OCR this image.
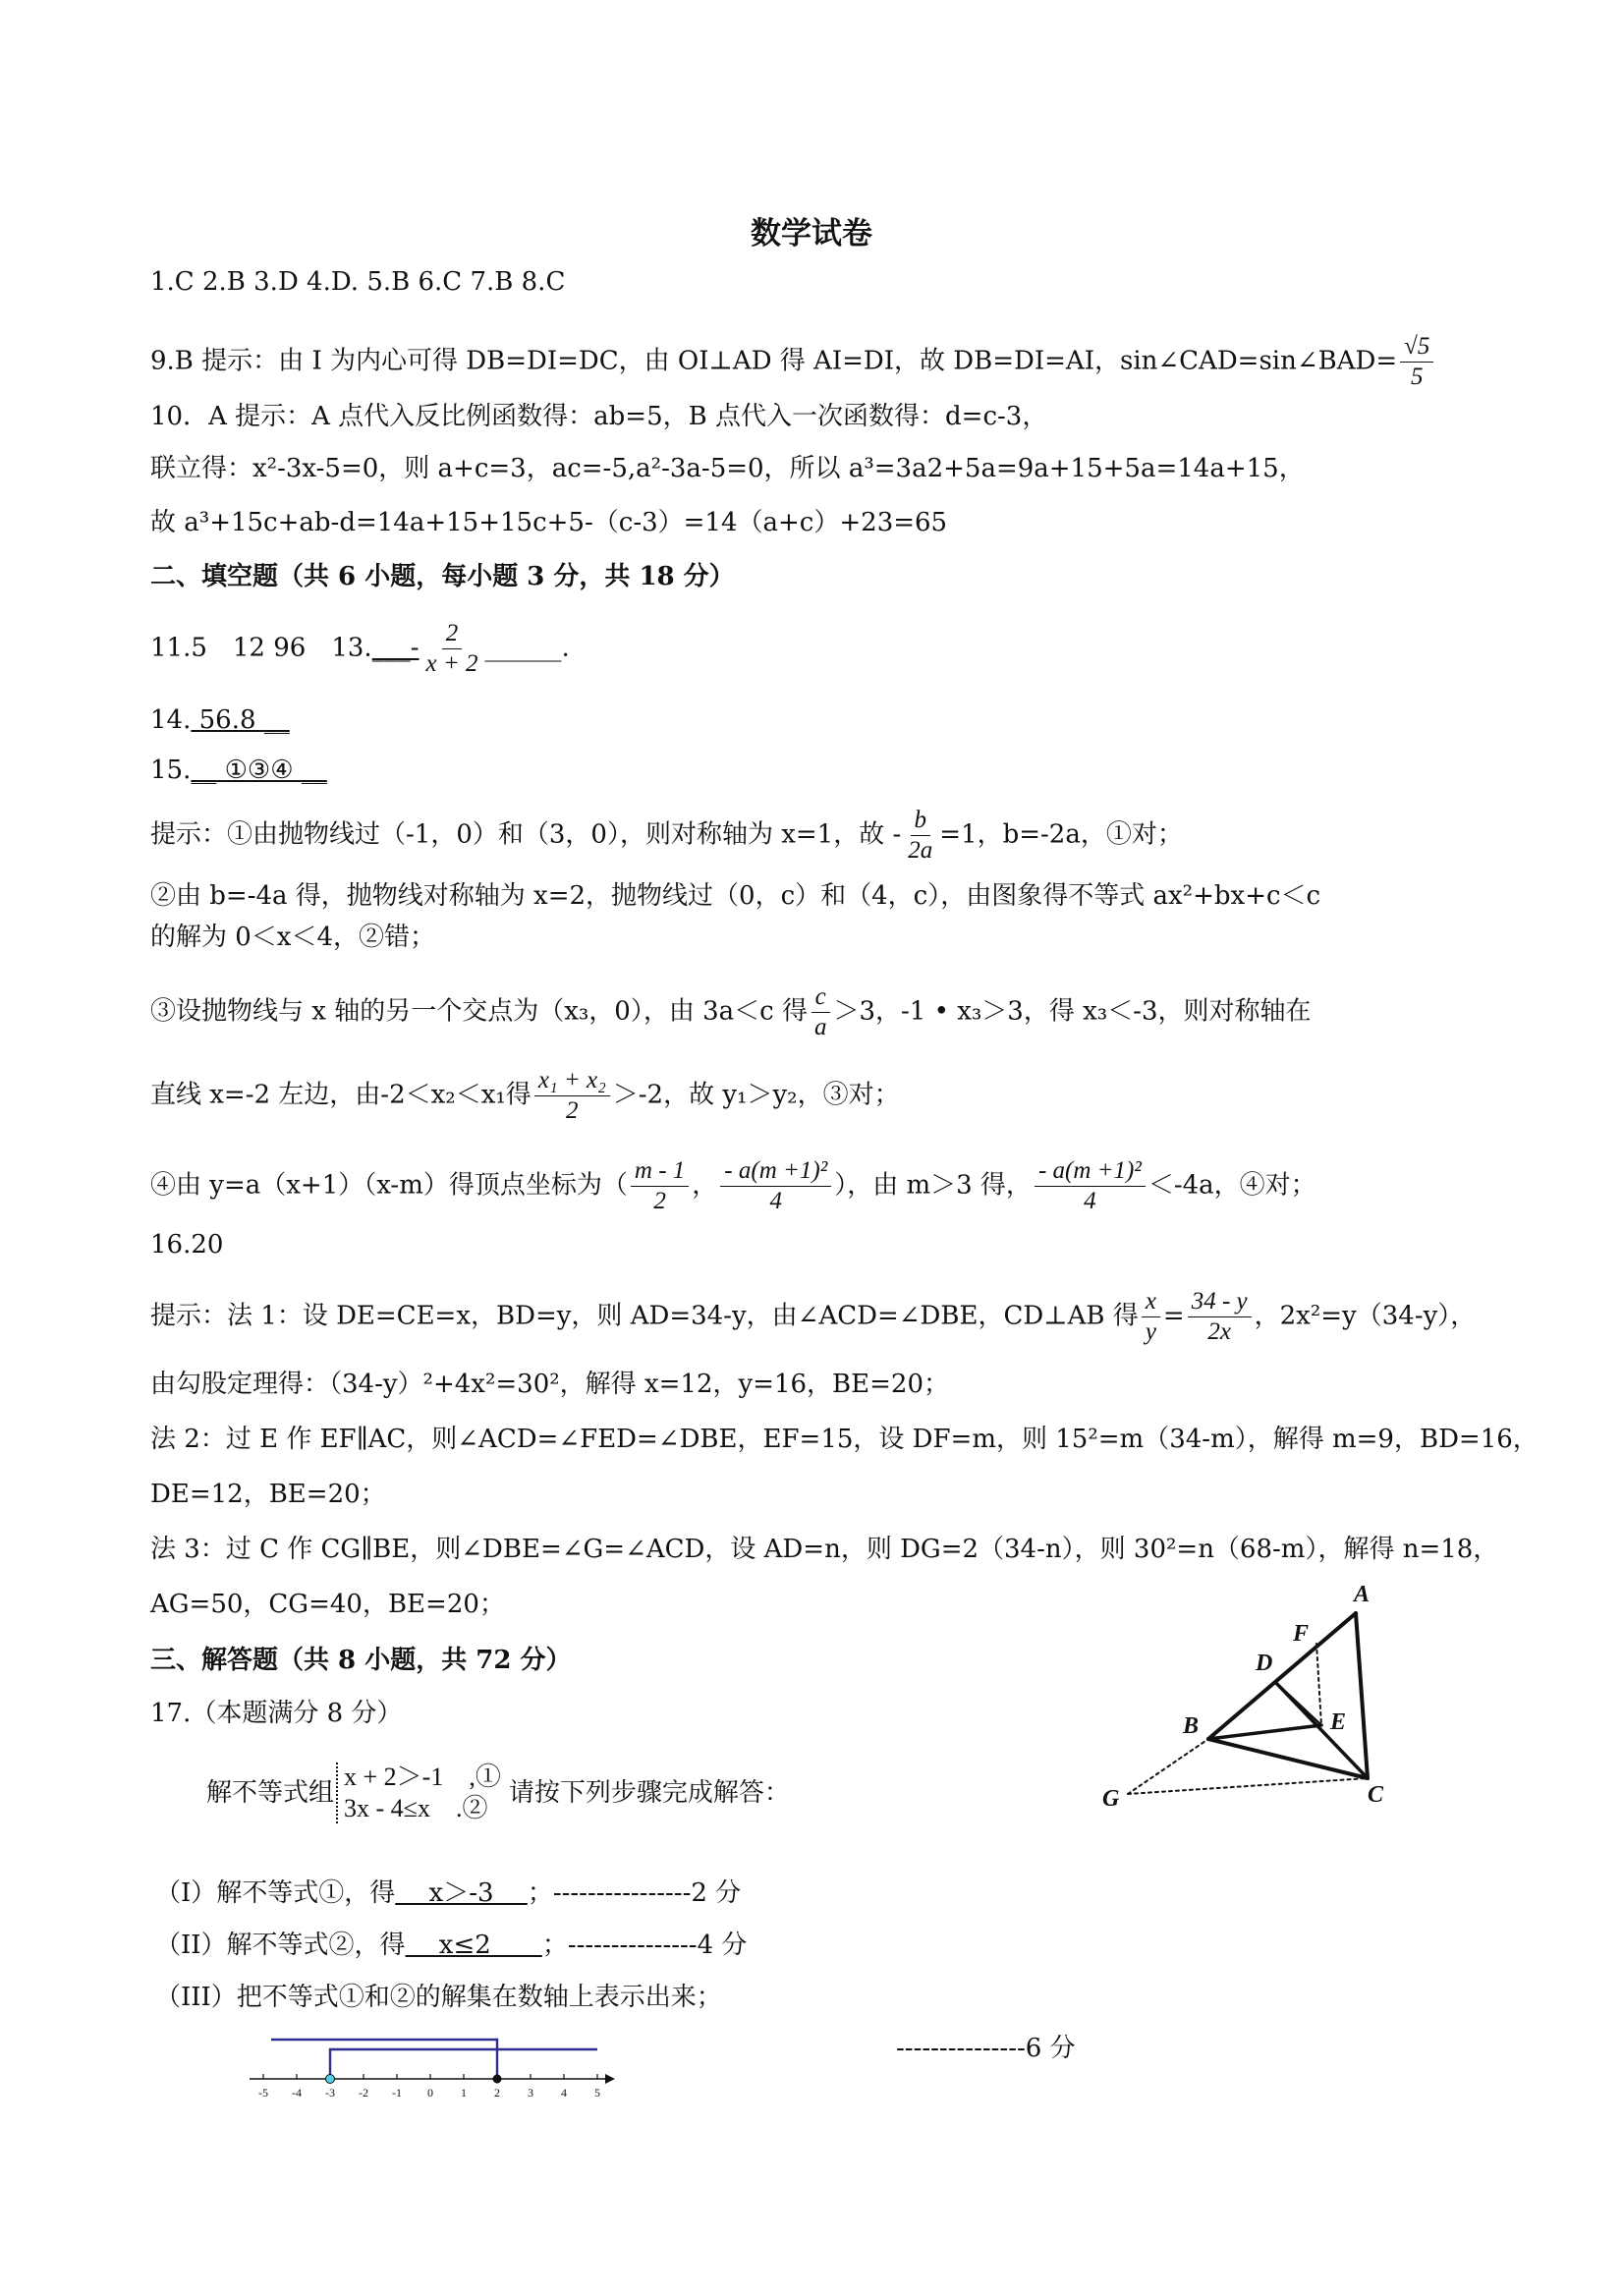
数学试卷
1.C 2.B 3.D 4.D. 5.B 6.C 7.B 8.C
9.B 提示：由 I 为内心可得 DB=DI=DC，由 OI⊥AD 得 AI=DI，故 DB=DI=AI，sin∠CAD=sin∠BAD= $\frac{√5}{5}$
10．A 提示：A 点代入反比例函数得：ab=5，B 点代入一次函数得：d=c-3，
联立得：x²-3x-5=0，则 a+c=3，ac=-5,a²-3a-5=0，所以 a³=3a2+5a=9a+15+5a=14a+15，
故 a³+15c+ab-d=14a+15+15c+5-（c-3）=14（a+c）+23=65
二、填空题（共 6 小题，每小题 3 分，共 18 分）
11.5　12 96　13.___- $\frac{2}{x + 2}$ ______.
14. 56.8 __
15.__ ①③④ __
提示：①由抛物线过（-1，0）和（3，0），则对称轴为 x=1，故 - $\frac{b}{2a} =1$，b=-2a，①对；
②由 b=-4a 得，抛物线对称轴为 x=2，抛物线过（0，c）和（4，c），由图象得不等式 ax²+bx+c＜c
的解为 0＜x＜4，②错；
③设抛物线与 x 轴的另一个交点为（x₃，0），由 3a＜c 得 $\frac{c}{a} >3$，-1 • x₃＞3，得 x₃＜-3，则对称轴在
直线 x=-2 左边，由-2＜x₂＜x₁得 $\frac{\text{x₁ + x₂}}{2} >-2$，故 y₁＞y₂，③对；
④由 y=a（x+1）（x-m）得顶点坐标为（ $\frac{m - 1}{2}$ ， $\frac{\text{- a(m +1)²}}{4}$ ），由 m＞3 得， $\frac{\text{- a(m +1)²}}{4} <-4a$，④对；
16.20
提示：法 1：设 DE=CE=x，BD=y，则 AD=34-y，由∠ACD=∠DBE，CD⊥AB 得 $\frac{x}{y} = \frac{34 - y}{2x}$ ，2x²=y（34-y），
由勾股定理得：（34-y）²+4x²=30²，解得 x=12，y=16，BE=20；
法 2：过 E 作 EF∥AC，则∠ACD=∠FED=∠DBE，EF=15，设 DF=m，则 15²=m（34-m），解得 m=9，BD=16，
DE=12，BE=20；
法 3：过 C 作 CG∥BE，则∠DBE=∠G=∠ACD，设 AD=n，则 DG=2（34-n），则 30²=n（68-m），解得 n=18，
AG=50，CG=40，BE=20；
三、解答题（共 8 小题，共 72 分）
17.（本题满分 8 分）
解不等式组
x + 2＞-1　,①
3x - 4≤x　.②
请按下列步骤完成解答：
（I）解不等式①，得　 x＞-3　 ；----------------2 分
（II）解不等式②，得　 x≤2　　；---------------4 分
（III）把不等式①和②的解集在数轴上表示出来；
---------------6 分
A
F
D
B	E
G	C
-5 -4 -3 -2 -1 0 1 2 3 4 5
